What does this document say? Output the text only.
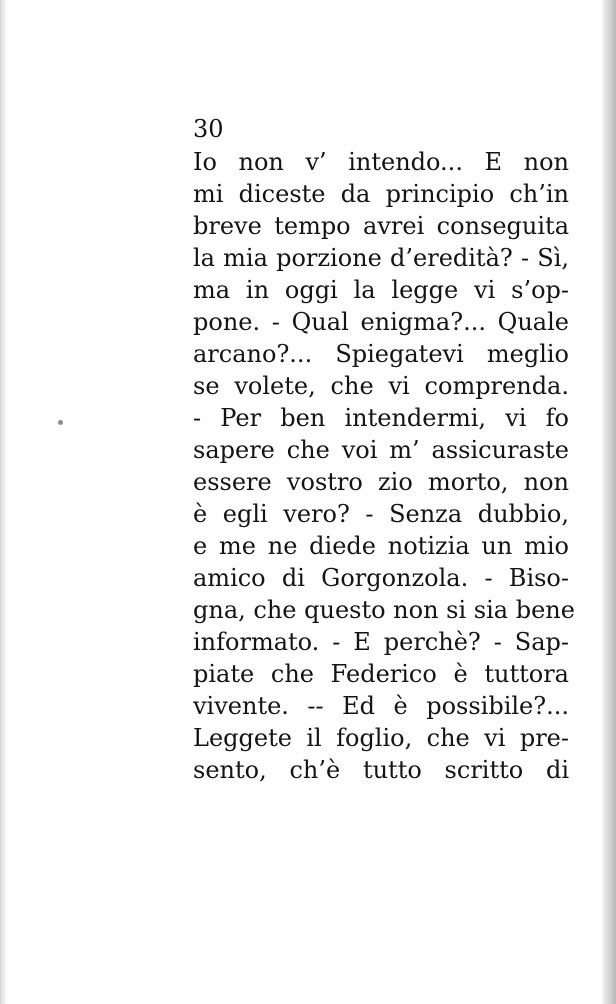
30
Io non v’ intendo... E non
mi diceste da principio ch’in
breve tempo avrei conseguita
la mia porzione d’eredità? - Sì,
ma in oggi la legge vi s’op-
pone. - Qual enigma?... Quale
arcano?... Spiegatevi meglio
se volete, che vi comprenda.
- Per ben intendermi, vi fo
sapere che voi m’ assicuraste
essere vostro zio morto, non
è egli vero? - Senza dubbio,
e me ne diede notizia un mio
amico di Gorgonzola. - Biso-
gna, che questo non si sia bene
informato. - E perchè? - Sap-
piate che Federico è tuttora
vivente. -- Ed è possibile?...
Leggete il foglio, che vi pre-
sento, ch’è tutto scritto di
